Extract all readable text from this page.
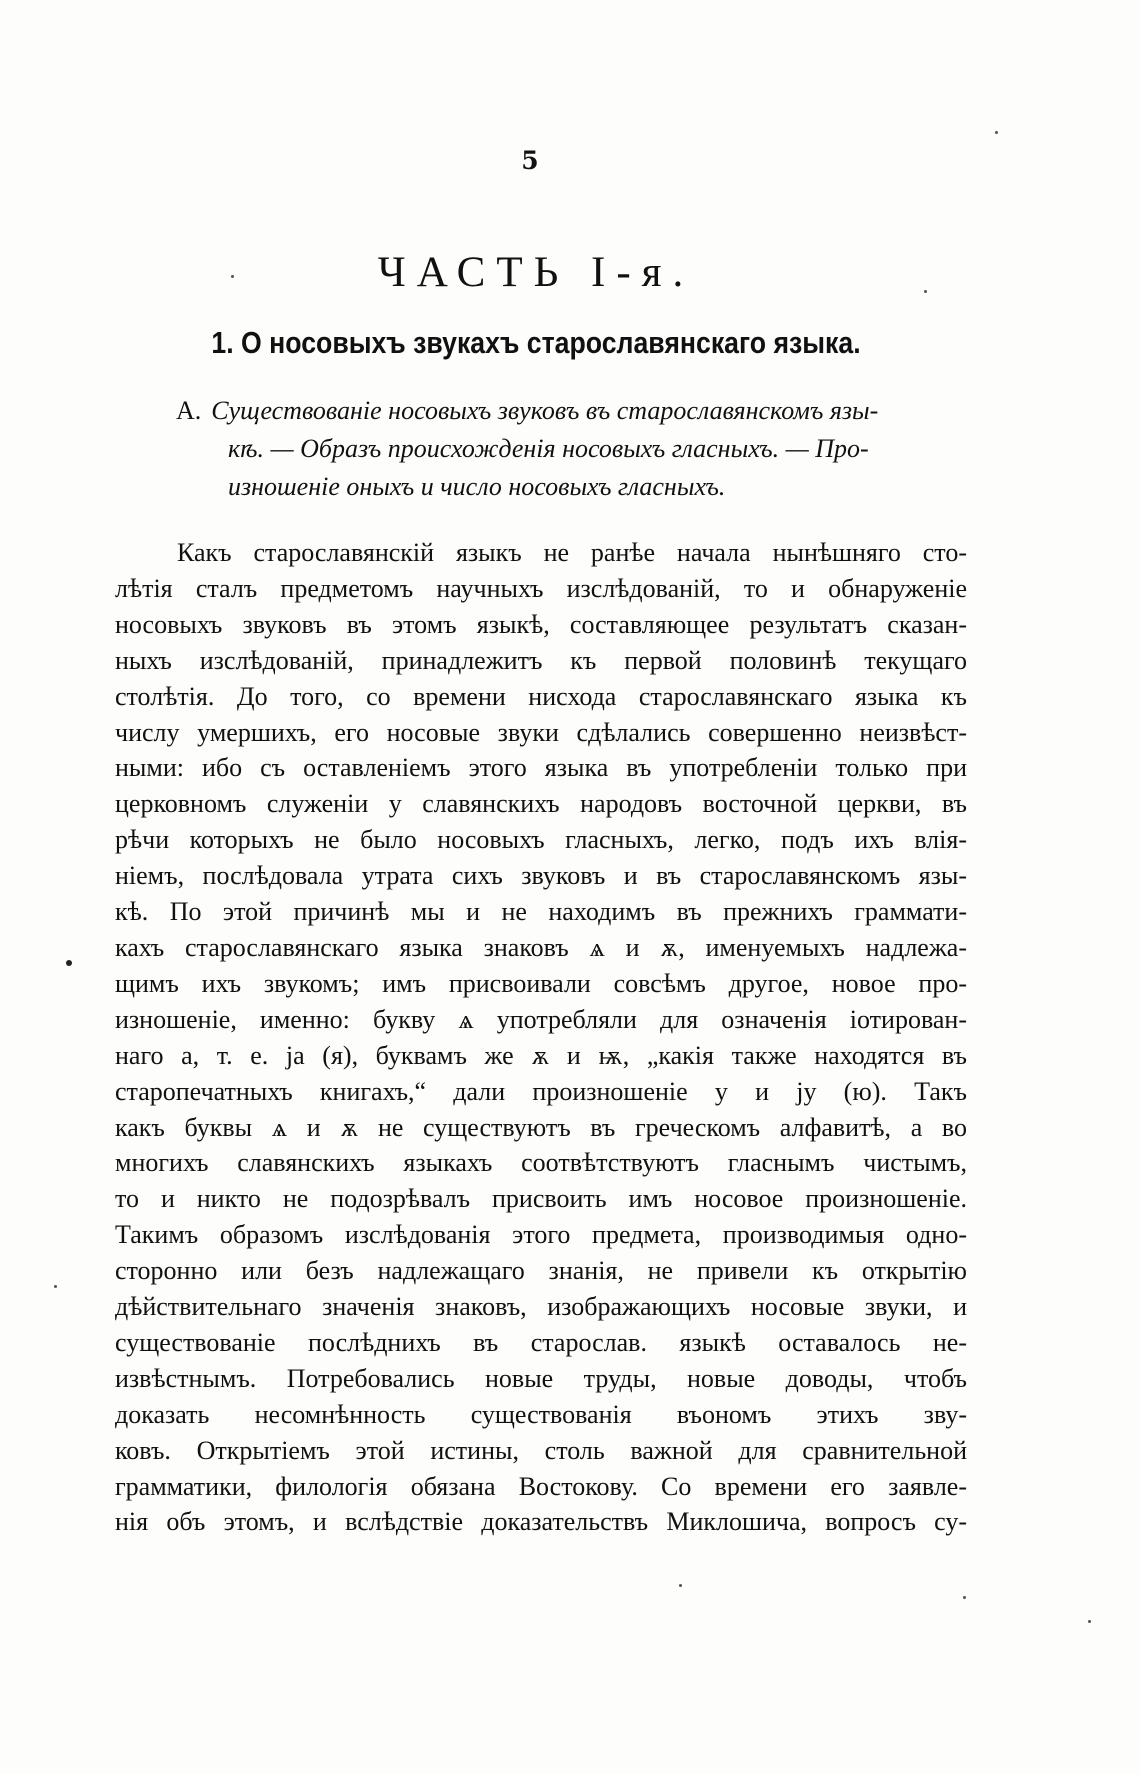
5
ЧАСТЬ I-я.
1. О носовыхъ звукахъ старославянскаго языка.
А. Существованіе носовыхъ звуковъ въ старославянскомъ язы-
кѣ. — Образъ происхожденія носовыхъ гласныхъ. — Про-
изношеніе оныхъ и число носовыхъ гласныхъ.
Какъ старославянскій языкъ не ранѣе начала нынѣшняго сто-
лѣтія сталъ предметомъ научныхъ изслѣдованій, то и обнаруженіе
носовыхъ звуковъ въ этомъ языкѣ, составляющее результатъ сказан-
ныхъ изслѣдованій, принадлежитъ къ первой половинѣ текущаго
столѣтія. До того, со времени нисхода старославянскаго языка къ
числу умершихъ, его носовые звуки сдѣлались совершенно неизвѣст-
ными: ибо съ оставленіемъ этого языка въ употребленіи только при
церковномъ служеніи у славянскихъ народовъ восточной церкви, въ
рѣчи которыхъ не было носовыхъ гласныхъ, легко, подъ ихъ влія-
ніемъ, послѣдовала утрата сихъ звуковъ и въ старославянскомъ язы-
кѣ. По этой причинѣ мы и не находимъ въ прежнихъ граммати-
кахъ старославянскаго языка знаковъ ѧ и ѫ, именуемыхъ надлежа-
щимъ ихъ звукомъ; имъ присвоивали совсѣмъ другое, новое про-
изношеніе, именно: букву ѧ употребляли для означенія іотирован-
наго a, т. е. ja (я), буквамъ же ѫ и ѭ, „какія также находятся въ
старопечатныхъ книгахъ,“ дали произношеніе y и jy (ю). Такъ
какъ буквы ѧ и ѫ не существуютъ въ греческомъ алфавитѣ, а во
многихъ славянскихъ языкахъ соотвѣтствуютъ гласнымъ чистымъ,
то и никто не подозрѣвалъ присвоить имъ носовое произношеніе.
Такимъ образомъ изслѣдованія этого предмета, производимыя одно-
сторонно или безъ надлежащаго знанія, не привели къ открытію
дѣйствительнаго значенія знаковъ, изображающихъ носовые звуки, и
существованіе послѣднихъ въ старослав. языкѣ оставалось не-
извѣстнымъ. Потребовались новые труды, новые доводы, чтобъ
доказать несомнѣнность существованія въономъ этихъ зву-
ковъ. Открытіемъ этой истины, столь важной для сравнительной
грамматики, филологія обязана Востокову. Со времени его заявле-
нія объ этомъ, и вслѣдствіе доказательствъ Миклошича, вопросъ су-
